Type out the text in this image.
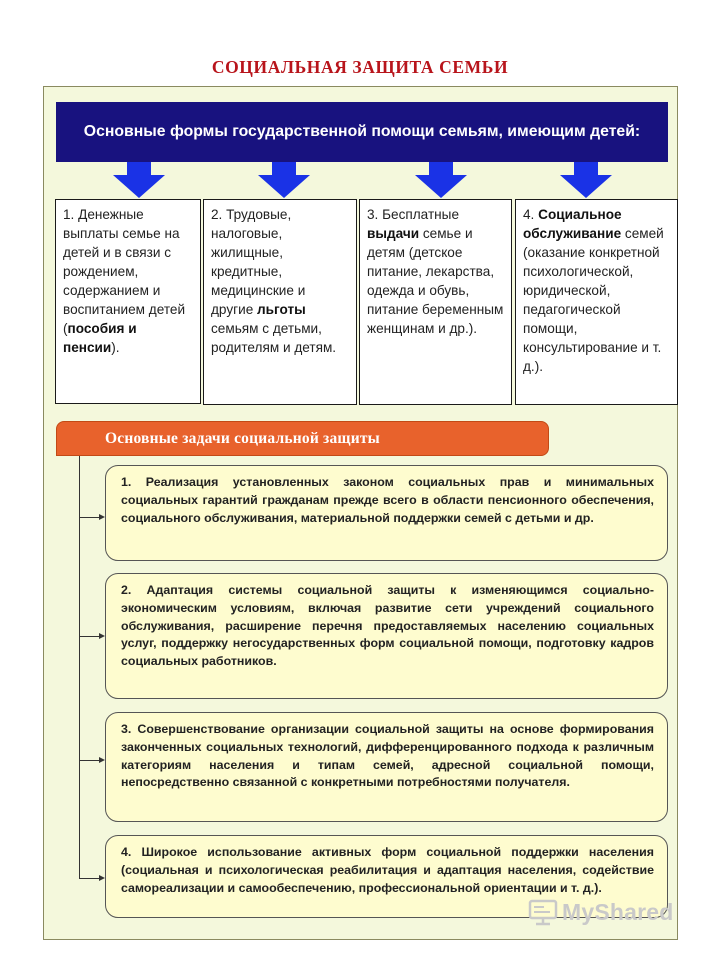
СОЦИАЛЬНАЯ ЗАЩИТА СЕМЬИ
Основные формы государственной помощи семьям, имеющим детей:
1. Денежные выплаты семье на детей и в связи с рождением, содержанием и воспитанием детей (пособия и пенсии).
2. Трудовые, налоговые, жилищные, кредитные, медицинские и другие льготы семьям с детьми, родителям и детям.
3. Бесплатные выдачи семье и детям (детское питание, лекарства, одежда и обувь, питание беременным женщинам и др.).
4. Социальное обслуживание семей (оказание конкретной психологической, юридической, педагогической помощи, консультирование и т. д.).
Основные задачи социальной защиты
1. Реализация установленных законом социальных прав и минимальных социальных гарантий гражданам прежде всего в области пенсионного обеспечения, социального обслуживания, материальной поддержки семей с детьми и др.
2. Адаптация системы социальной защиты к изменяющимся социально-экономическим условиям, включая развитие сети учреждений социального обслуживания, расширение перечня предоставляемых населению социальных услуг, поддержку негосударственных форм социальной помощи, подготовку кадров социальных работников.
3. Совершенствование организации социальной защиты на основе формирования законченных социальных технологий, дифференцированного подхода к различным категориям населения и типам семей, адресной социальной помощи, непосредственно связанной с конкретными потребностями получателя.
4. Широкое использование активных форм социальной поддержки населения (социальная и психологическая реабилитация и адаптация населения, содействие самореализации и самообеспечению, профессиональной ориентации и т. д.).
MyShared
